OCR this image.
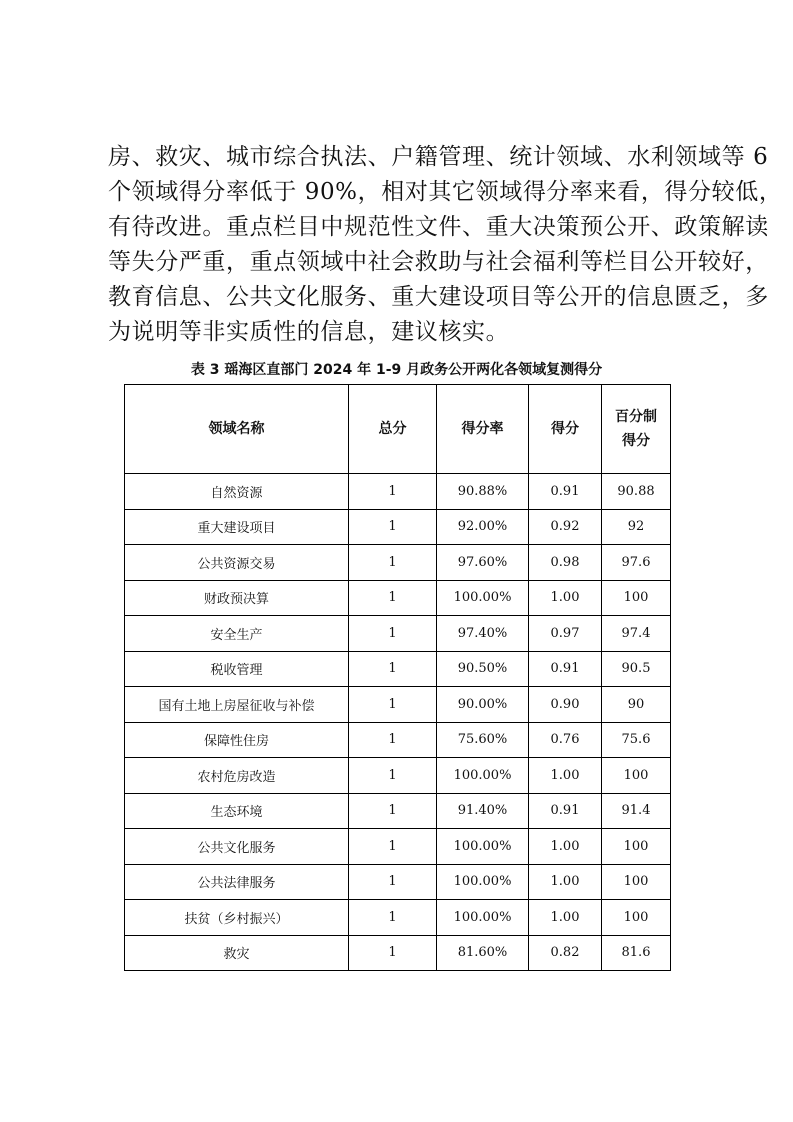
房、救灾、城市综合执法、户籍管理、统计领域、水利领域等 6
个领域得分率低于 90%，相对其它领域得分率来看，得分较低，
有待改进。重点栏目中规范性文件、重大决策预公开、政策解读
等失分严重，重点领域中社会救助与社会福利等栏目公开较好，
教育信息、公共文化服务、重大建设项目等公开的信息匮乏，多
为说明等非实质性的信息，建议核实。
表 3 瑶海区直部门 2024 年 1-9 月政务公开两化各领域复测得分
领域名称	总分	得分率	得分	百分制
得分

自然资源	1	90.88%	0.91	90.88
重大建设项目	1	92.00%	0.92	92
公共资源交易	1	97.60%	0.98	97.6
财政预决算	1	100.00%	1.00	100
安全生产	1	97.40%	0.97	97.4
税收管理	1	90.50%	0.91	90.5
国有土地上房屋征收与补偿	1	90.00%	0.90	90
保障性住房	1	75.60%	0.76	75.6
农村危房改造	1	100.00%	1.00	100
生态环境	1	91.40%	0.91	91.4
公共文化服务	1	100.00%	1.00	100
公共法律服务	1	100.00%	1.00	100
扶贫（乡村振兴）	1	100.00%	1.00	100
救灾	1	81.60%	0.82	81.6
